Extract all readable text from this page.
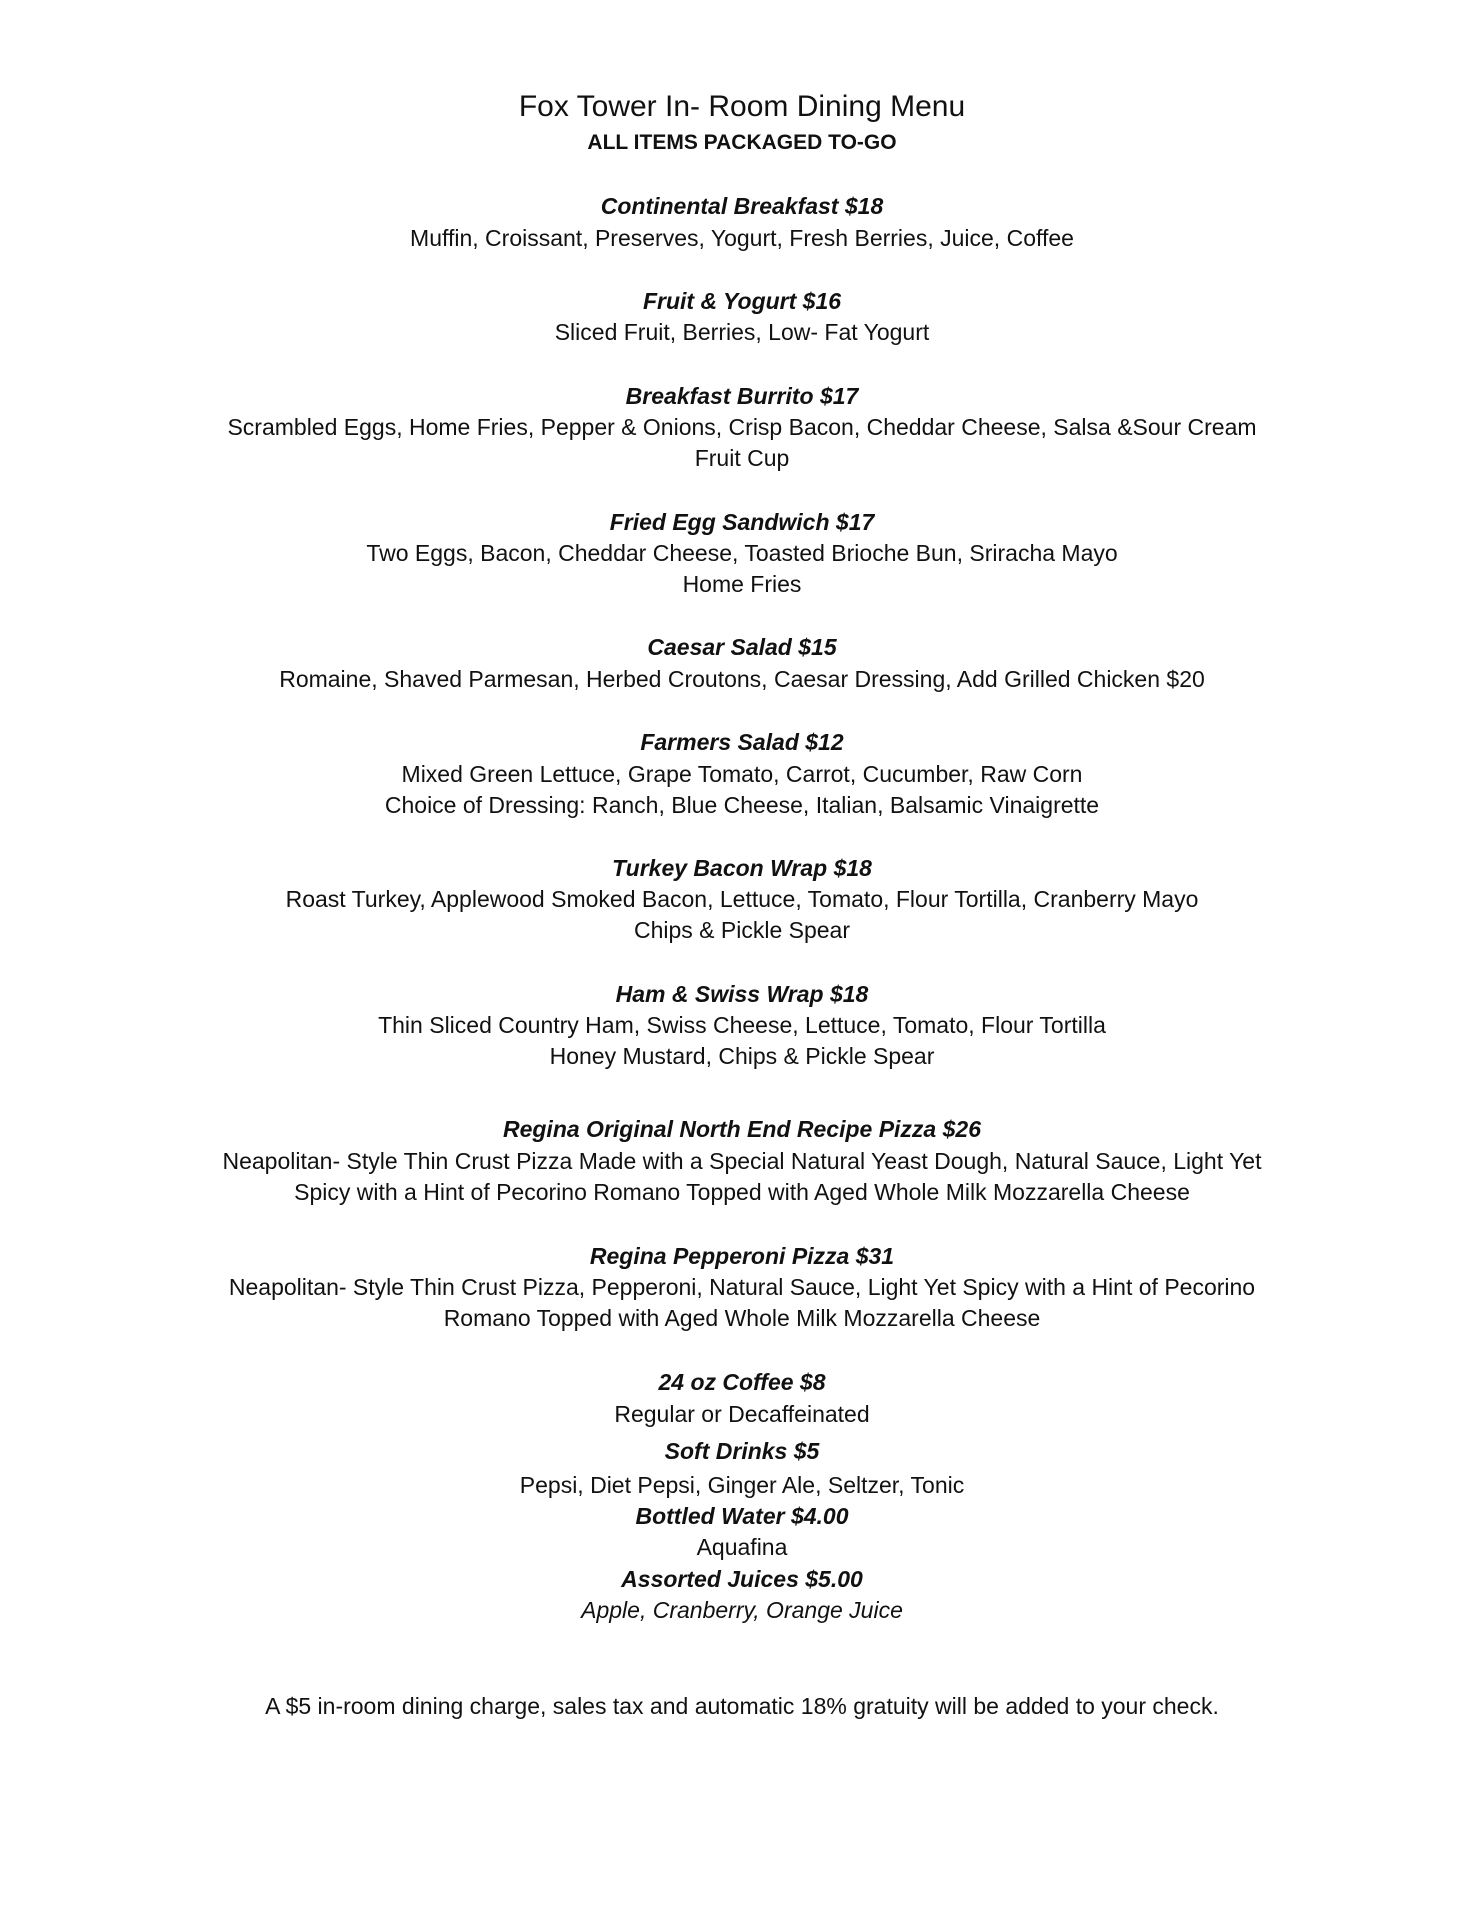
Fox Tower In- Room Dining Menu
ALL ITEMS PACKAGED TO-GO
Continental Breakfast $18
Muffin, Croissant, Preserves, Yogurt, Fresh Berries, Juice, Coffee
Fruit & Yogurt $16
Sliced Fruit, Berries, Low- Fat Yogurt
Breakfast Burrito $17
Scrambled Eggs, Home Fries, Pepper & Onions, Crisp Bacon, Cheddar Cheese, Salsa &Sour Cream
Fruit Cup
Fried Egg Sandwich $17
Two Eggs, Bacon, Cheddar Cheese, Toasted Brioche Bun, Sriracha Mayo
Home Fries
Caesar Salad $15
Romaine, Shaved Parmesan, Herbed Croutons, Caesar Dressing, Add Grilled Chicken $20
Farmers Salad $12
Mixed Green Lettuce, Grape Tomato, Carrot, Cucumber, Raw Corn
Choice of Dressing: Ranch, Blue Cheese, Italian, Balsamic Vinaigrette
Turkey Bacon Wrap $18
Roast Turkey, Applewood Smoked Bacon, Lettuce, Tomato, Flour Tortilla, Cranberry Mayo
Chips & Pickle Spear
Ham & Swiss Wrap $18
Thin Sliced Country Ham, Swiss Cheese, Lettuce, Tomato, Flour Tortilla
Honey Mustard, Chips & Pickle Spear
Regina Original North End Recipe Pizza $26
Neapolitan- Style Thin Crust Pizza Made with a Special Natural Yeast Dough, Natural Sauce, Light Yet
Spicy with a Hint of Pecorino Romano Topped with Aged Whole Milk Mozzarella Cheese
Regina Pepperoni Pizza $31
Neapolitan- Style Thin Crust Pizza, Pepperoni, Natural Sauce, Light Yet Spicy with a Hint of Pecorino
Romano Topped with Aged Whole Milk Mozzarella Cheese
24 oz Coffee $8
Regular or Decaffeinated
Soft Drinks $5
Pepsi, Diet Pepsi, Ginger Ale, Seltzer, Tonic
Bottled Water $4.00
Aquafina
Assorted Juices $5.00
Apple, Cranberry, Orange Juice
A $5 in-room dining charge, sales tax and automatic 18% gratuity will be added to your check.
